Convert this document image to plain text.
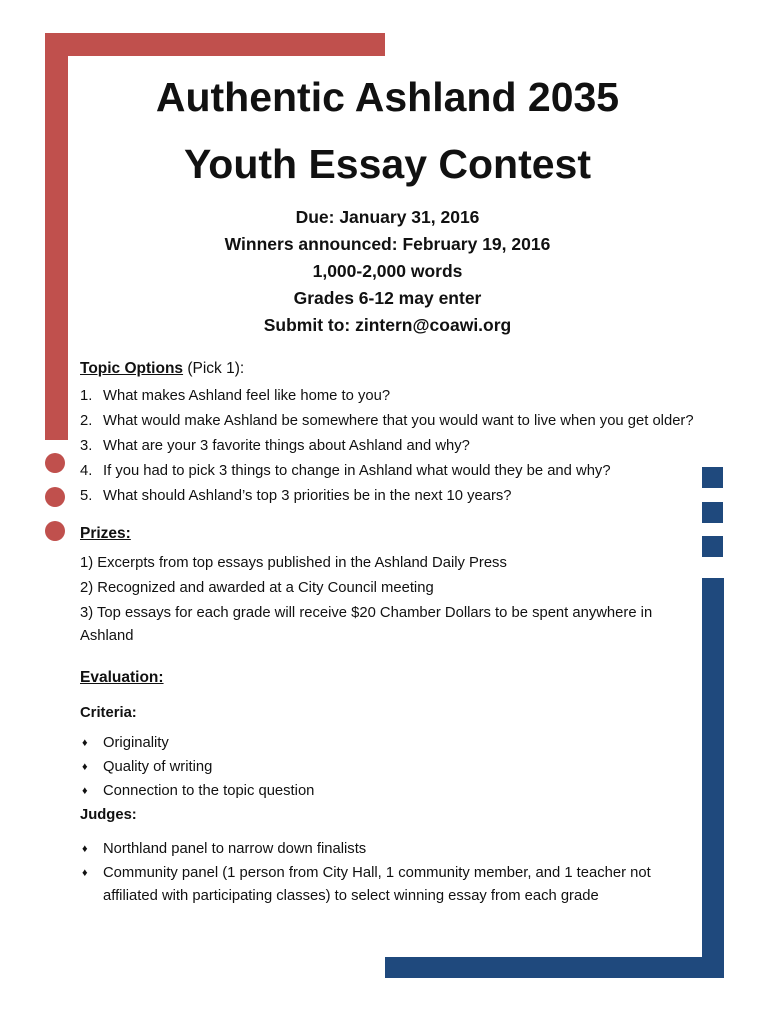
Authentic Ashland 2035
Youth Essay Contest
Due: January 31, 2016
Winners announced: February 19, 2016
1,000-2,000 words
Grades 6-12 may enter
Submit to: zintern@coawi.org
Topic Options (Pick 1):
1. What makes Ashland feel like home to you?
2. What would make Ashland be somewhere that you would want to live when you get older?
3. What are your 3 favorite things about Ashland and why?
4. If you had to pick 3 things to change in Ashland what would they be and why?
5. What should Ashland’s top 3 priorities be in the next 10 years?
Prizes:
1) Excerpts from top essays published in the Ashland Daily Press
2) Recognized and awarded at a City Council meeting
3) Top essays for each grade will receive $20 Chamber Dollars to be spent anywhere in Ashland
Evaluation:
Criteria:
♦ Originality
♦ Quality of writing
♦ Connection to the topic question
Judges:
♦ Northland panel to narrow down finalists
♦ Community panel (1 person from City Hall, 1 community member, and 1 teacher not affiliated with participating classes) to select winning essay from each grade
